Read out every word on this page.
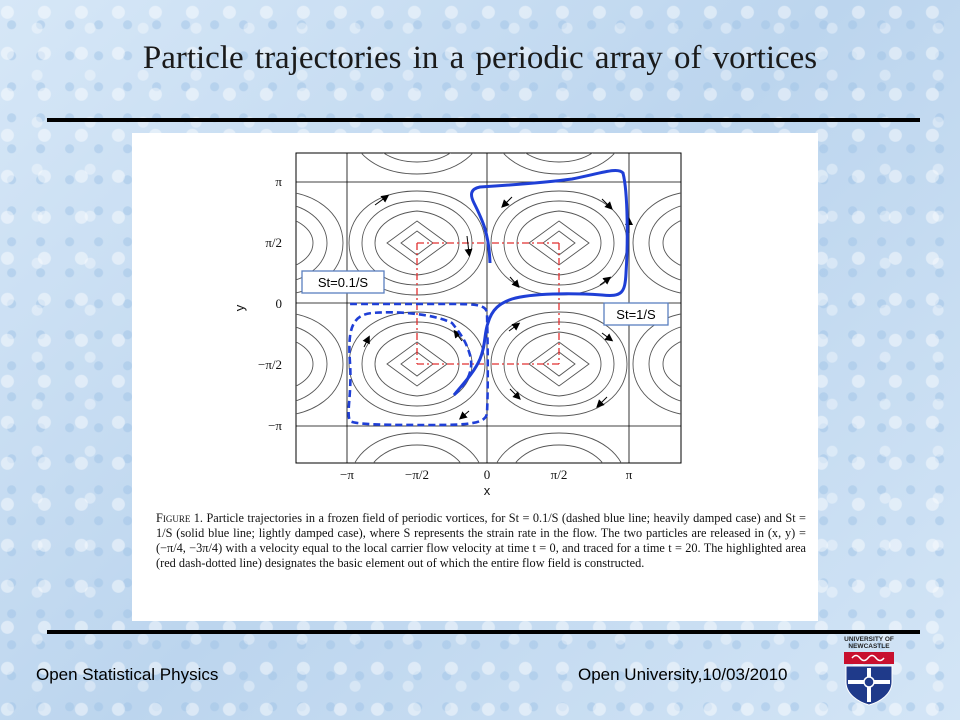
Particle trajectories in a periodic array of vortices
St=0.1/S
St=1/S
π
π/2
0
−π/2
−π
−π	−π/2	0	π/2	π
x
y
Figure 1. Particle trajectories in a frozen field of periodic vortices, for St = 0.1/S (dashed blue line; heavily damped case) and St = 1/S (solid blue line; lightly damped case), where S represents the strain rate in the flow. The two particles are released in (x, y) = (−π/4, −3π/4) with a velocity equal to the local carrier flow velocity at time t = 0, and traced for a time t = 20. The highlighted area (red dash-dotted line) designates the basic element out of which the entire flow field is constructed.
Open Statistical Physics	Open University,10/03/2010
UNIVERSITY OF
NEWCASTLE
